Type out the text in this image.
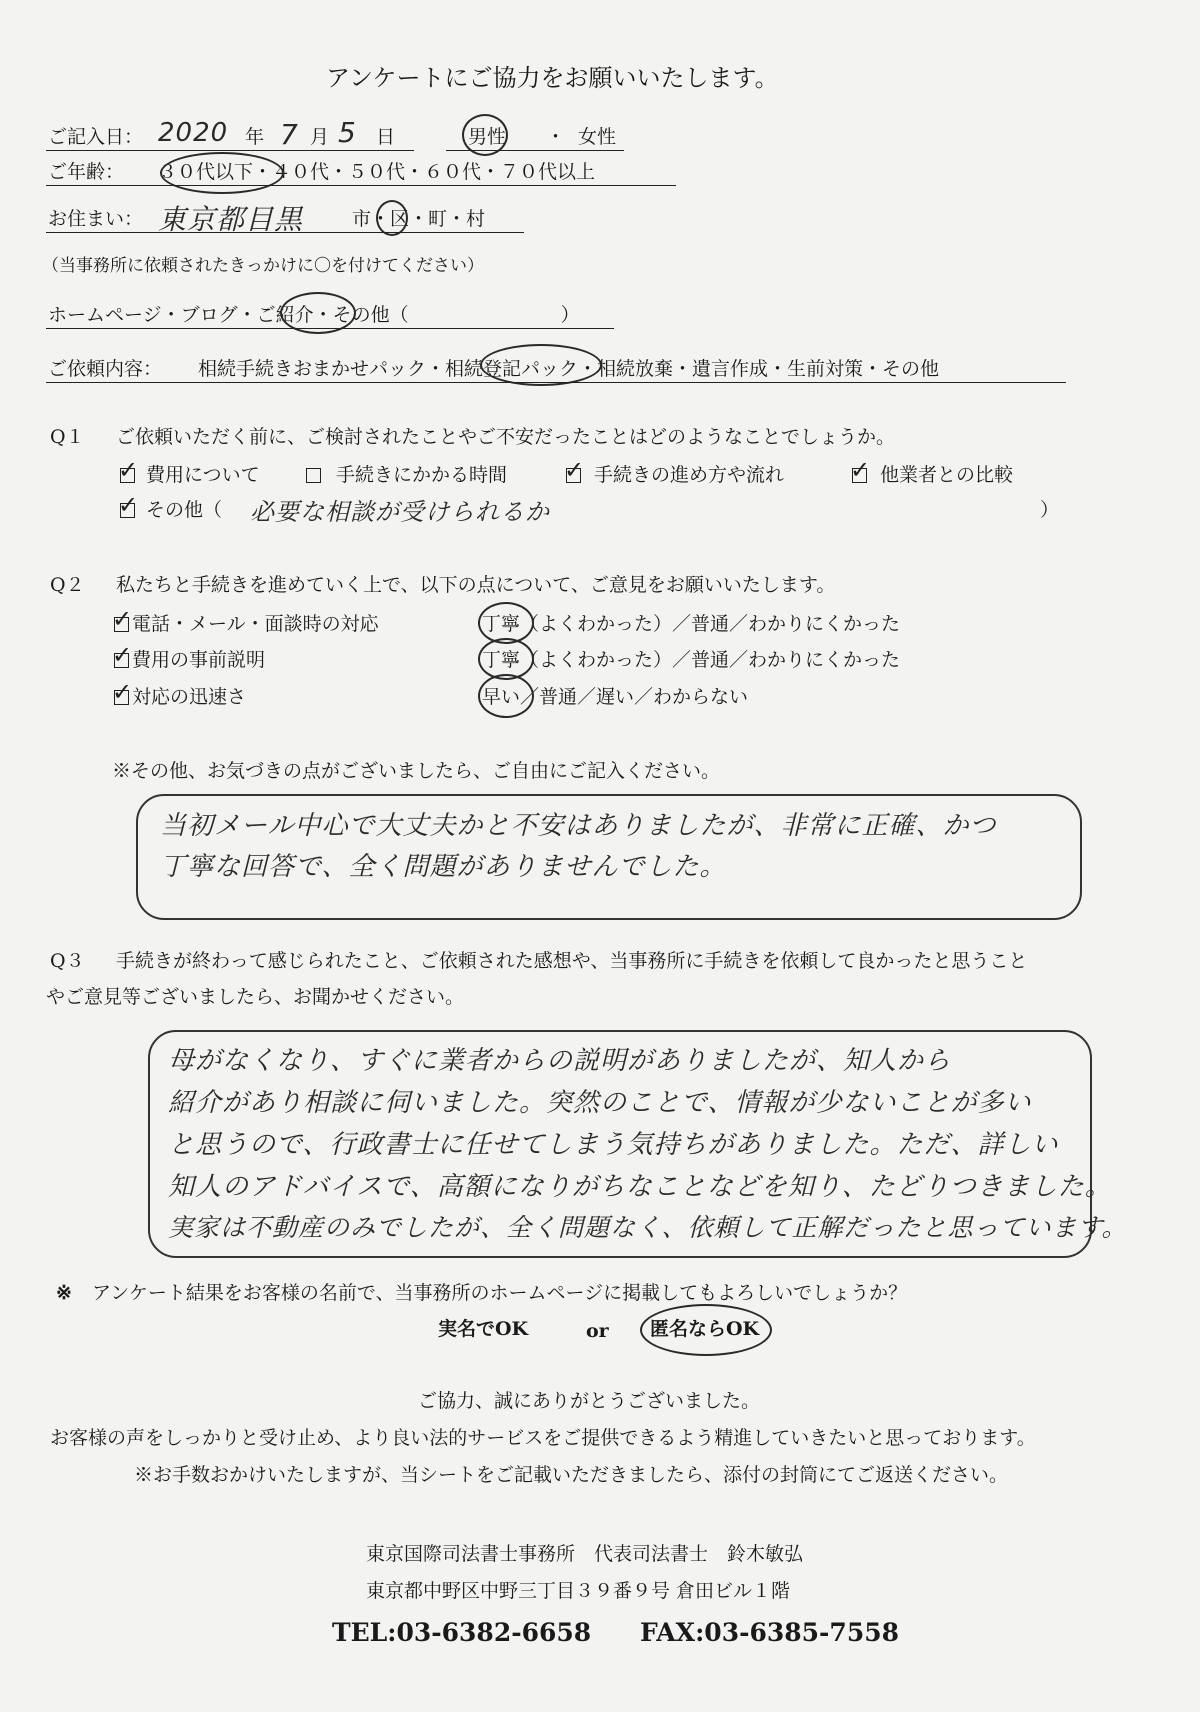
アンケートにご協力をお願いいたします。
ご記入日： 2020 年 7 月 5 日	男性 ・ 女性
ご年齢： ３０代以下・４０代・５０代・６０代・７０代以上
お住まい： 東京都目黒	市・区・町・村
（当事務所に依頼されたきっかけに〇を付けてください）
ホームページ・ブログ・ご紹介・その他（　　　　　　　　）
ご依頼内容： 相続手続きおまかせパック・相続登記パック・相続放棄・遺言作成・生前対策・その他
Q１ ご依頼いただく前に、ご検討されたことやご不安だったことはどのようなことでしょうか。
✓ 費用について	手続きにかかる時間 ✓ 手続きの進め方や流れ	✓ 他業者との比較
✓ その他（ 必要な相談が受けられるか	）
Q２ 私たちと手続きを進めていく上で、以下の点について、ご意見をお願いいたします。
✓ 電話・メール・面談時の対応	丁寧（よくわかった）／普通／わかりにくかった
✓ 費用の事前説明	丁寧（よくわかった）／普通／わかりにくかった
✓ 対応の迅速さ	早い／普通／遅い／わからない
※その他、お気づきの点がございましたら、ご自由にご記入ください。
当初メール中心で大丈夫かと不安はありましたが、非常に正確、かつ
丁寧な回答で、全く問題がありませんでした。
Q３ 手続きが終わって感じられたこと、ご依頼された感想や、当事務所に手続きを依頼して良かったと思うこと
やご意見等ございましたら、お聞かせください。
母がなくなり、すぐに業者からの説明がありましたが、知人から
紹介があり相談に伺いました。突然のことで、情報が少ないことが多い
と思うので、行政書士に任せてしまう気持ちがありました。ただ、詳しい
知人のアドバイスで、高額になりがちなことなどを知り、たどりつきました。
実家は不動産のみでしたが、全く問題なく、依頼して正解だったと思っています。
※ アンケート結果をお客様の名前で、当事務所のホームページに掲載してもよろしいでしょうか？
実名でOK	or 匿名ならOK
ご協力、誠にありがとうございました。
お客様の声をしっかりと受け止め、より良い法的サービスをご提供できるよう精進していきたいと思っております。
※お手数おかけいたしますが、当シートをご記載いただきましたら、添付の封筒にてご返送ください。
東京国際司法書士事務所　代表司法書士　鈴木敏弘
東京都中野区中野三丁目３９番９号 倉田ビル１階
TEL:03-6382-6658 FAX:03-6385-7558
